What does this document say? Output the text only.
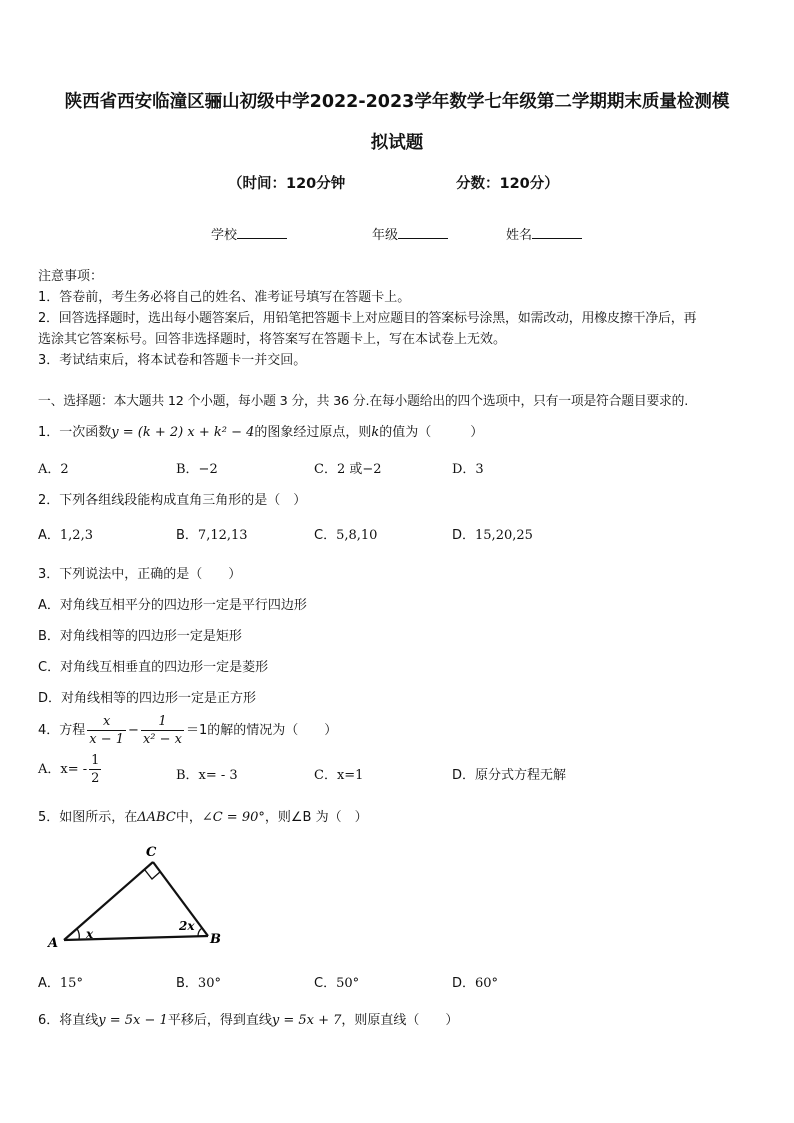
陕西省西安临潼区骊山初级中学2022-2023学年数学七年级第二学期期末质量检测模
拟试题
（时间：120分钟	分数：120分）
学校	年级	姓名
注意事项：
1．答卷前，考生务必将自己的姓名、准考证号填写在答题卡上。
2．回答选择题时，选出每小题答案后，用铅笔把答题卡上对应题目的答案标号涂黑，如需改动，用橡皮擦干净后，再
选涂其它答案标号。回答非选择题时，将答案写在答题卡上，写在本试卷上无效。
3．考试结束后，将本试卷和答题卡一并交回。
一、选择题：本大题共 12 个小题，每小题 3 分，共 36 分.在每小题给出的四个选项中，只有一项是符合题目要求的.
1．一次函数y = (k + 2) x + k² − 4的图象经过原点，则k的值为（　　　）
A．2	B．−2	C．2 或−2	D．3
2．下列各组线段能构成直角三角形的是（　）
A．1,2,3	B．7,12,13	C．5,8,10	D．15,20,25
3．下列说法中，正确的是（　　）
A．对角线互相平分的四边形一定是平行四边形
B．对角线相等的四边形一定是矩形
C．对角线互相垂直的四边形一定是菱形
D．对角线相等的四边形一定是正方形
4．方程 $\frac{x}{x - 1} - \frac{1}{\text{x² − x}} =1$的解的情况为（　　）
A．$x= - \frac{1}{2}$	B．x= - 3	C．x=1	D．原分式方程无解
5．如图所示，在ΔABC中，∠C = 90°，则∠B 为（　）
A	B
C
x
2x
A．15°	B．30°	C．50°	D．60°
6．将直线y = 5x − 1平移后，得到直线y = 5x + 7，则原直线（　　）
